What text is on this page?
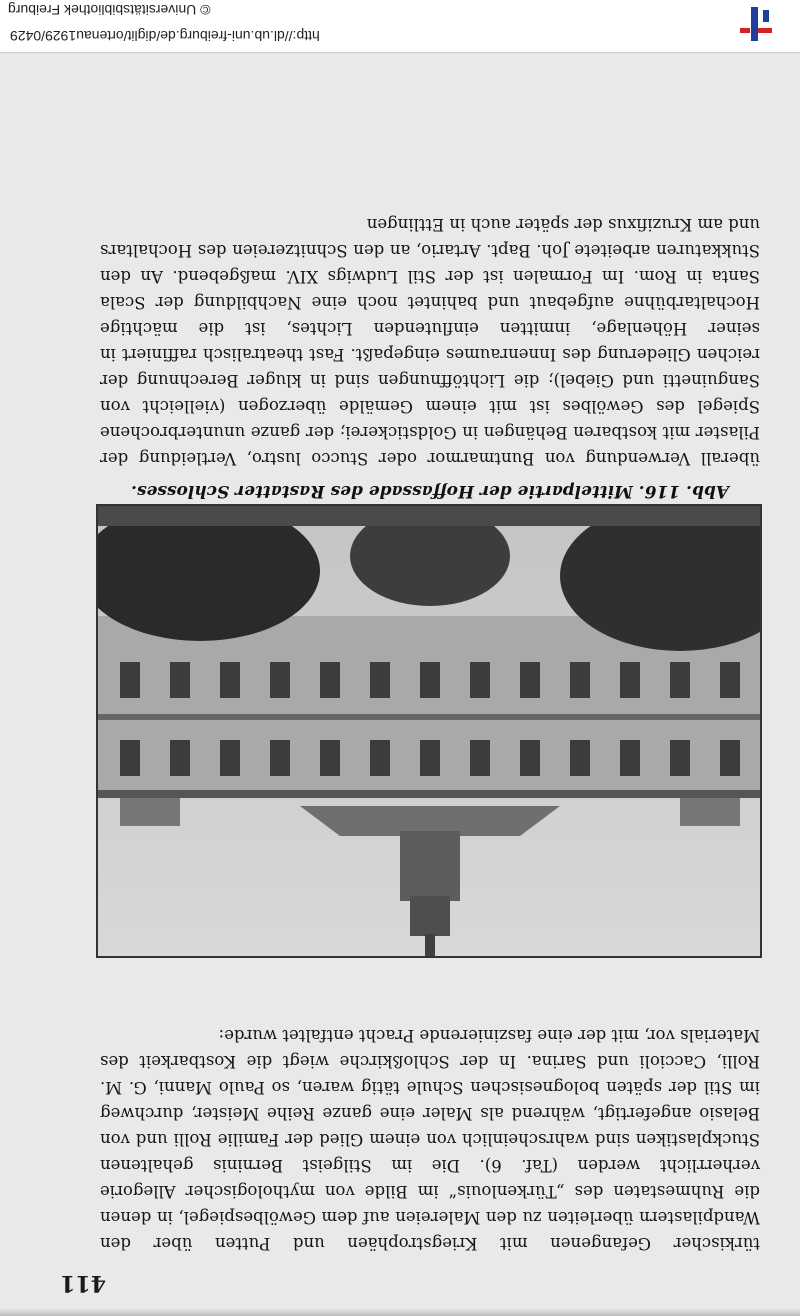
© Universitätsbibliothek Freiburg
http://dl.ub.uni-freiburg.de/diglit/ortenau1929/0429
411
türkischer Gefangenen mit Kriegstrophäen und Putten über den Wandpilastern überleiten zu den Malereien auf dem Gewölbespiegel, in denen die Ruhmestaten des „Türkenlouis“ im Bilde von mythologischer Allegorie verherrlicht werden (Taf. 6). Die im Stilgeist Berninis gehaltenen Stuckplastiken sind wahrscheinlich von einem Glied der Familie Rolli und von Belasio angefertigt, während als Maler eine ganze Reihe Meister, durchweg im Stil der späten bolognesischen Schule tätig waren, so Paulo Manni, G. M. Rolli, Caccioli und Sarina. In der Schloßkirche wiegt die Kostbarkeit des Materials vor, mit der eine faszinierende Pracht entfaltet wurde:
Abb. 116. Mittelpartie der Hoffassade des Rastatter Schlosses.
überall Verwendung von Buntmarmor oder Stucco lustro, Vertleidung der Pilaster mit kostbaren Behängen in Goldstickerei; der ganze ununterbrochene Spiegel des Gewölbes ist mit einem Gemälde überzogen (vielleicht von Sanguinetti und Giebel); die Lichtöffnungen sind in kluger Berechnung der reichen Gliederung des Innenraumes eingepaßt. Fast theatralisch raffiniert in seiner Höhenlage, inmitten einflutenden Lichtes, ist die mächtige Hochaltarbühne aufgebaut und bahintet noch eine Nachbildung der Scala Santa in Rom. Im Formalen ist der Stil Ludwigs XIV. maßgebend. An den Stukkaturen arbeitete Joh. Bapt. Artario, an den Schnitzereien des Hochaltars und am Kruzifixus der später auch in Ettlingen
